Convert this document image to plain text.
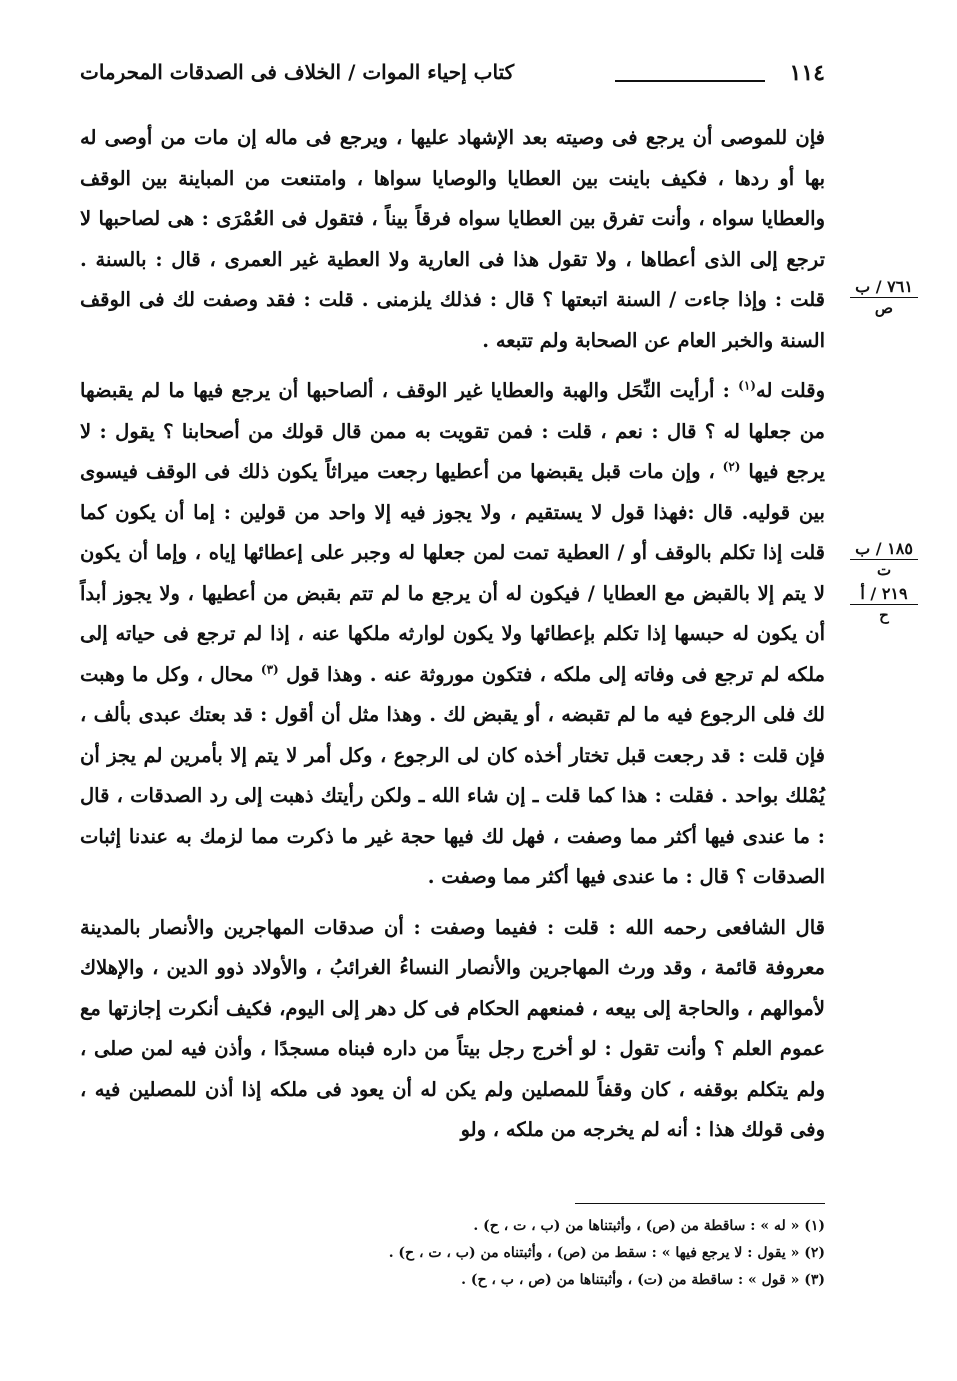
١١٤
كتاب إحياء الموات / الخلاف فى الصدقات المحرمات

فإن للموصى أن يرجع فى وصيته بعد الإشهاد عليها ، ويرجع فى ماله إن مات من أوصى له بها أو ردها ، فكيف باينت بين العطايا والوصايا سواها ، وامتنعت من المباينة بين الوقف والعطايا سواه ، وأنت تفرق بين العطايا سواه فرقاً بيناً ، فتقول فى العُمْرَى : هى لصاحبها لا ترجع إلى الذى أعطاها ، ولا تقول هذا فى العارية ولا العطية غير العمرى ، قال : بالسنة . قلت : وإذا جاءت / السنة اتبعتها ؟ قال : فذلك يلزمنى . قلت : فقد وصفت لك فى الوقف السنة والخبر العام عن الصحابة ولم تتبعه .

وقلت له$^{(١)}$ : أرأيت النِّحَل والهبة والعطايا غير الوقف ، ألصاحبها أن يرجع فيها ما لم يقبضها من جعلها له ؟ قال : نعم ، قلت : فمن تقويت به ممن قال قولك من أصحابنا ؟ يقول : لا يرجع فيها $^{(٢)}$ ، وإن مات قبل يقبضها من أعطيها رجعت ميراثاً يكون ذلك فى الوقف فيسوى بين قوليه. قال :فهذا قول لا يستقيم ، ولا يجوز فيه إلا واحد من قولين : إما أن يكون كما قلت إذا تكلم بالوقف أو / العطية تمت لمن جعلها له وجبر على إعطائها إياه ، وإما أن يكون لا يتم إلا بالقبض مع العطايا / فيكون له أن يرجع ما لم تتم بقبض من أعطيها ، ولا يجوز أبداً أن يكون له حبسها إذا تكلم بإعطائها ولا يكون لوارثه ملكها عنه ، إذا لم ترجع فى حياته إلى ملكه لم ترجع فى وفاته إلى ملكه ، فتكون موروثة عنه . وهذا قول $^{(٣)}$ محال ، وكل ما وهبت لك فلى الرجوع فيه ما لم تقبضه ، أو يقبض لك . وهذا مثل أن أقول : قد بعتك عبدى بألف ، فإن قلت : قد رجعت قبل تختار أخذه كان لى الرجوع ، وكل أمر لا يتم إلا بأمرين لم يجز أن يُمْلك بواحد . فقلت : هذا كما قلت ـ إن شاء الله ـ ولكن رأيتك ذهبت إلى رد الصدقات ، قال : ما عندى فيها أكثر مما وصفت ، فهل لك فيها حجة غير ما ذكرت مما لزمك به عندنا إثبات الصدقات ؟ قال : ما عندى فيها أكثر مما وصفت .

قال الشافعى رحمه الله : قلت : ففيما وصفت : أن صدقات المهاجرين والأنصار بالمدينة معروفة قائمة ، وقد ورث المهاجرين والأنصار النساءُ الغرائبُ ، والأولاد ذوو الدين ، والإهلاك لأموالهم ، والحاجة إلى بيعه ، فمنعهم الحكام فى كل دهر إلى اليوم، فكيف أنكرت إجازتها مع عموم العلم ؟ وأنت تقول : لو أخرج رجل بيتاً من داره فبناه مسجدًا ، وأذن فيه لمن صلى ، ولم يتكلم بوقفه ، كان وقفاً للمصلين ولم يكن له أن يعود فى ملكه إذا أذن للمصلين فيه ، وفى قولك هذا : أنه لم يخرجه من ملكه ، ولو

٧٦١ / ب
ص
١٨٥ / ب
ت
٢١٩ / أ
ح
(١) « له » : ساقطة من (ص) ، وأثبتناها من (ب ، ت ، ح) .
(٢) « يقول : لا يرجع فيها » : سقط من (ص) ، وأثبتناه من (ب ، ت ، ح) .
(٣) « قول » : ساقطة من (ت) ، وأثبتناها من (ص ، ب ، ح) .
